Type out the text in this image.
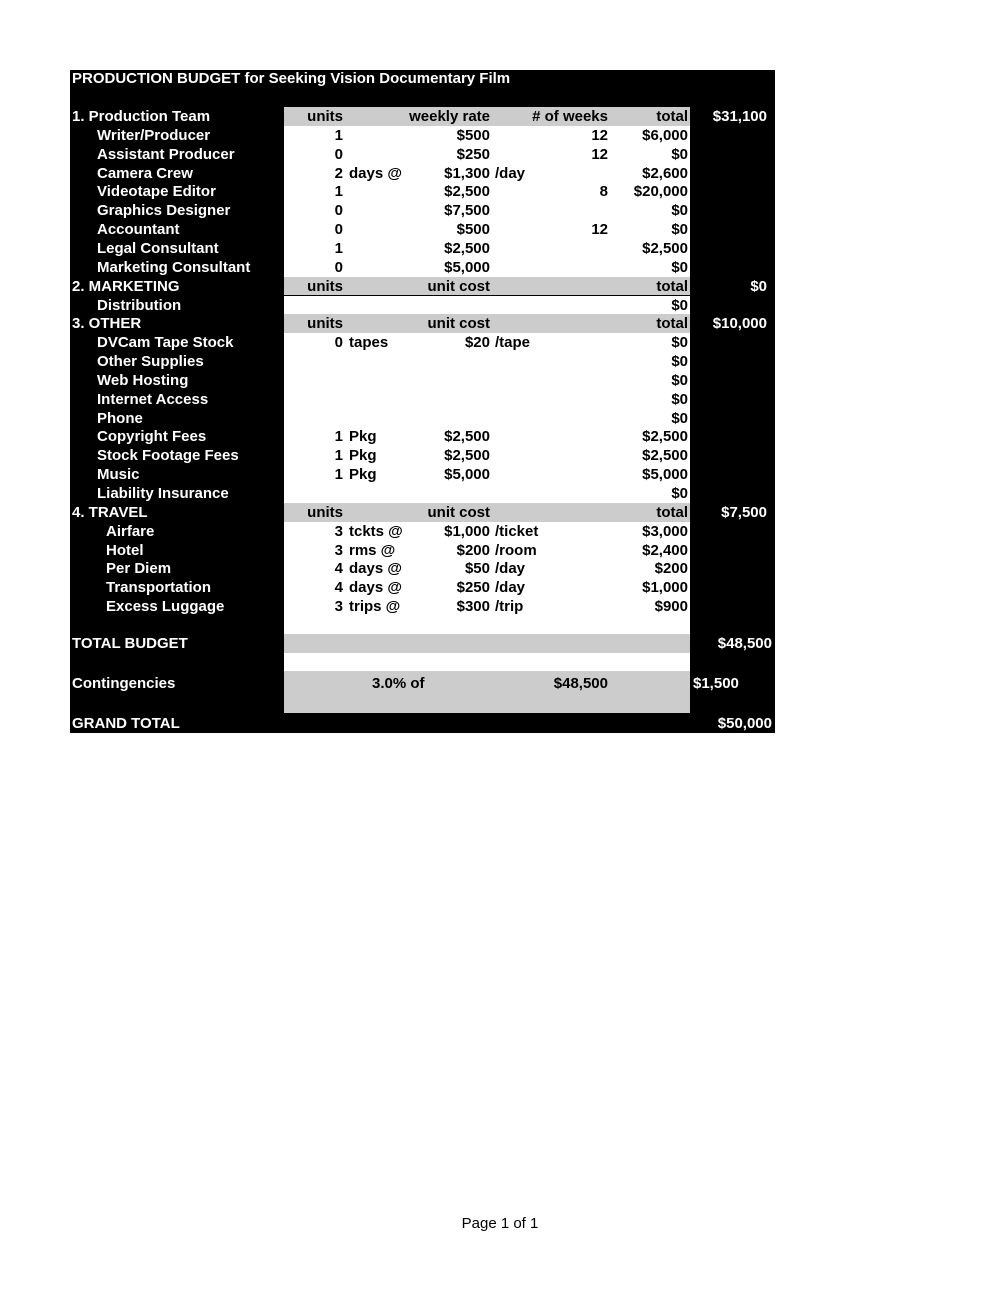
Page 1 of 1
PRODUCTION BUDGET for Seeking Vision Documentary Film
1. Production Team	units	weekly rate	# of weeks	total	$31,100
Writer/Producer	1	$500	12	$6,000
Assistant Producer	0	$250	12	$0
Camera Crew	2 days @	$1,300 /day	$2,600
Videotape Editor	1	$2,500	8	$20,000
Graphics Designer	0	$7,500	$0
Accountant	0	$500	12	$0
Legal Consultant	1	$2,500	$2,500
Marketing Consultant	0	$5,000	$0
2. MARKETING	units	unit cost	total	$0
Distribution	$0
3. OTHER	units	unit cost	total	$10,000
DVCam Tape Stock	0 tapes	$20 /tape	$0
Other Supplies	$0
Web Hosting	$0
Internet Access	$0
Phone	$0
Copyright Fees	1 Pkg	$2,500	$2,500
Stock Footage Fees	1 Pkg	$2,500	$2,500
Music	1 Pkg	$5,000	$5,000
Liability Insurance	$0
4. TRAVEL	units	unit cost	total	$7,500
Airfare	3 tckts @	$1,000 /ticket	$3,000
Hotel	3 rms @	$200 /room	$2,400
Per Diem	4 days @	$50 /day	$200
Transportation	4 days @	$250 /day	$1,000
Excess Luggage	3 trips @	$300 /trip	$900
TOTAL BUDGET	$48,500
Contingencies	3.0% of	$48,500	$1,500
GRAND TOTAL	$50,000
